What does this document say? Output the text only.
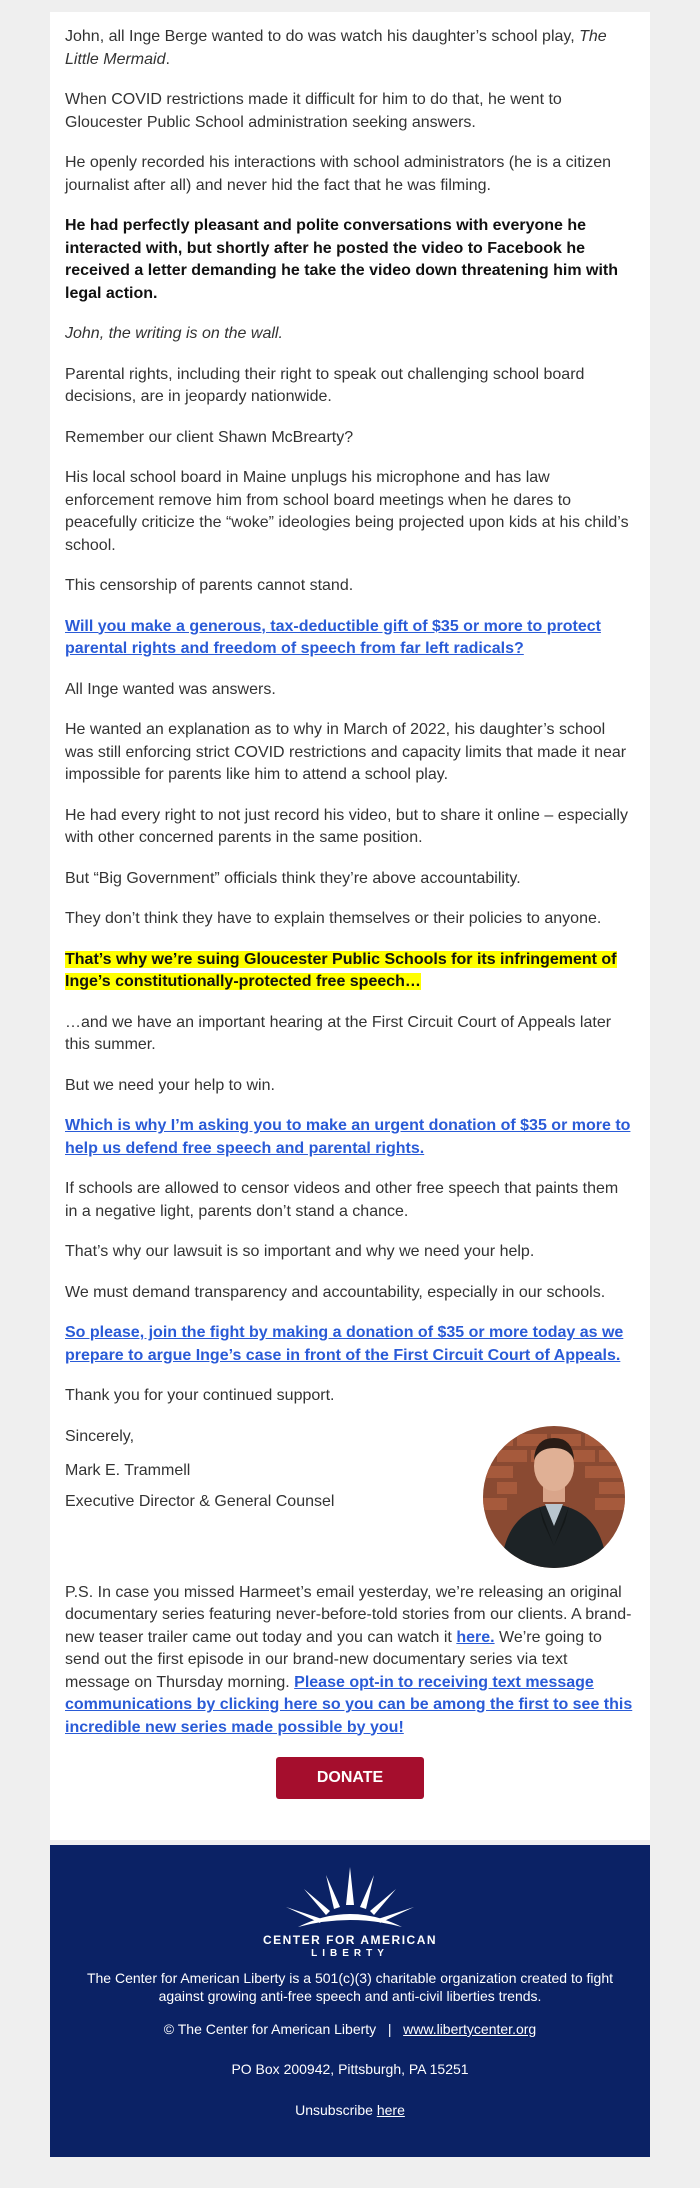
John, all Inge Berge wanted to do was watch his daughter’s school play, The Little Mermaid.

When COVID restrictions made it difficult for him to do that, he went to Gloucester Public School administration seeking answers.

He openly recorded his interactions with school administrators (he is a citizen journalist after all) and never hid the fact that he was filming.

He had perfectly pleasant and polite conversations with everyone he interacted with, but shortly after he posted the video to Facebook he received a letter demanding he take the video down threatening him with legal action.

John, the writing is on the wall.

Parental rights, including their right to speak out challenging school board decisions, are in jeopardy nationwide.

Remember our client Shawn McBrearty?

His local school board in Maine unplugs his microphone and has law enforcement remove him from school board meetings when he dares to peacefully criticize the “woke” ideologies being projected upon kids at his child’s school.

This censorship of parents cannot stand.

Will you make a generous, tax-deductible gift of $35 or more to protect parental rights and freedom of speech from far left radicals?

All Inge wanted was answers.

He wanted an explanation as to why in March of 2022, his daughter’s school was still enforcing strict COVID restrictions and capacity limits that made it near impossible for parents like him to attend a school play.

He had every right to not just record his video, but to share it online – especially with other concerned parents in the same position.

But “Big Government” officials think they’re above accountability.

They don’t think they have to explain themselves or their policies to anyone.

That’s why we’re suing Gloucester Public Schools for its infringement of Inge’s constitutionally-protected free speech…

…and we have an important hearing at the First Circuit Court of Appeals later this summer.

But we need your help to win.

Which is why I’m asking you to make an urgent donation of $35 or more to help us defend free speech and parental rights.

If schools are allowed to censor videos and other free speech that paints them in a negative light, parents don’t stand a chance.

That’s why our lawsuit is so important and why we need your help.

We must demand transparency and accountability, especially in our schools.

So please, join the fight by making a donation of $35 or more today as we prepare to argue Inge’s case in front of the First Circuit Court of Appeals.

Thank you for your continued support.

Sincerely,

Mark E. Trammell

Executive Director & General Counsel

P.S. In case you missed Harmeet’s email yesterday, we’re releasing an original documentary series featuring never-before-told stories from our clients. A brand-new teaser trailer came out today and you can watch it here. We’re going to send out the first episode in our brand-new documentary series via text message on Thursday morning. Please opt-in to receiving text message communications by clicking here so you can be among the first to see this incredible new series made possible by you!

DONATE
CENTER FOR AMERICAN
LIBERTY
The Center for American Liberty is a 501(c)(3) charitable organization created to fight against growing anti-free speech and anti-civil liberties trends.
© The Center for American Liberty | www.libertycenter.org
PO Box 200942, Pittsburgh, PA 15251
Unsubscribe here
